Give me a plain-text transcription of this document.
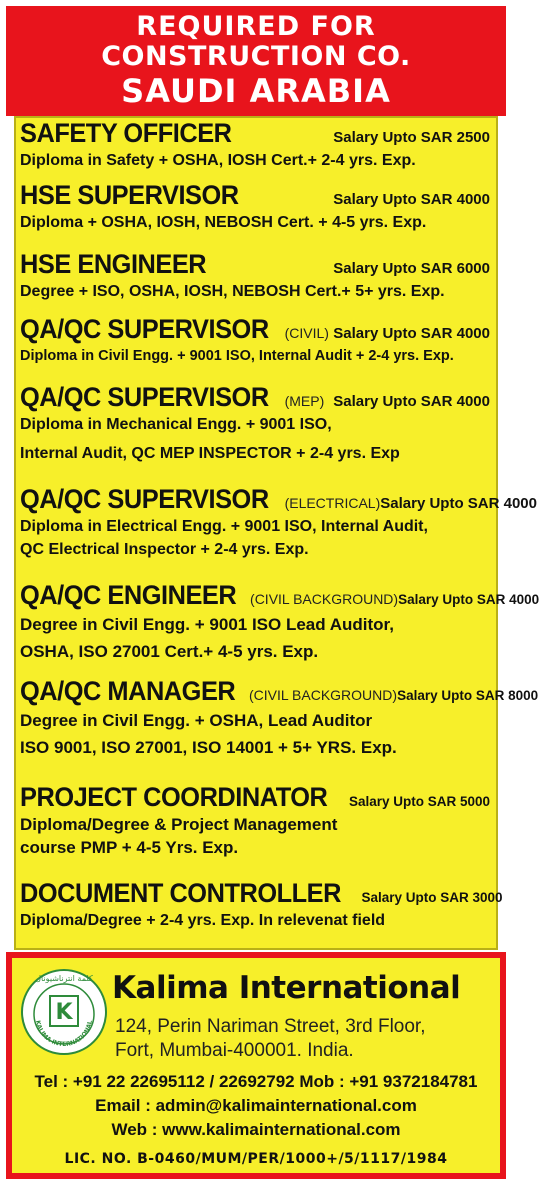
REQUIRED FOR
CONSTRUCTION CO.
SAUDI ARABIA
SAFETY OFFICER	Salary Upto SAR 2500
Diploma in Safety + OSHA, IOSH Cert.+ 2-4 yrs. Exp.
HSE SUPERVISOR	Salary Upto SAR 4000
Diploma + OSHA, IOSH, NEBOSH Cert. + 4-5 yrs. Exp.
HSE ENGINEER	Salary Upto SAR 6000
Degree + ISO, OSHA, IOSH, NEBOSH Cert.+ 5+ yrs. Exp.
QA/QC SUPERVISOR (CIVIL) Salary Upto SAR 4000
Diploma in Civil Engg. + 9001 ISO, Internal Audit + 2-4 yrs. Exp.
QA/QC SUPERVISOR (MEP) Salary Upto SAR 4000
Diploma in Mechanical Engg. + 9001 ISO,
Internal Audit, QC MEP INSPECTOR + 2-4 yrs. Exp
QA/QC SUPERVISOR (ELECTRICAL) Salary Upto SAR 4000
Diploma in Electrical Engg. + 9001 ISO, Internal Audit,
QC Electrical Inspector + 2-4 yrs. Exp.
QA/QC ENGINEER (CIVIL BACKGROUND) Salary Upto SAR 4000
Degree in Civil Engg. + 9001 ISO Lead Auditor,
OSHA, ISO 27001 Cert.+ 4-5 yrs. Exp.
QA/QC MANAGER (CIVIL BACKGROUND) Salary Upto SAR 8000
Degree in Civil Engg. + OSHA, Lead Auditor
ISO 9001, ISO 27001, ISO 14001 + 5+ YRS. Exp.
PROJECT COORDINATOR Salary Upto SAR 5000
Diploma/Degree & Project Management
course PMP + 4-5 Yrs. Exp.
DOCUMENT CONTROLLER Salary Upto SAR 3000
Diploma/Degree + 2-4 yrs. Exp. In relevenat field
كلمة انترناشيونال
KALIMA INTERNATIONAL
K
Kalima International
124, Perin Nariman Street, 3rd Floor,
Fort, Mumbai-400001. India.
Tel : +91 22 22695112 / 22692792 Mob : +91 9372184781
Email : admin@kalimainternational.com
Web : www.kalimainternational.com
LIC. NO. B-0460/MUM/PER/1000+/5/1117/1984
